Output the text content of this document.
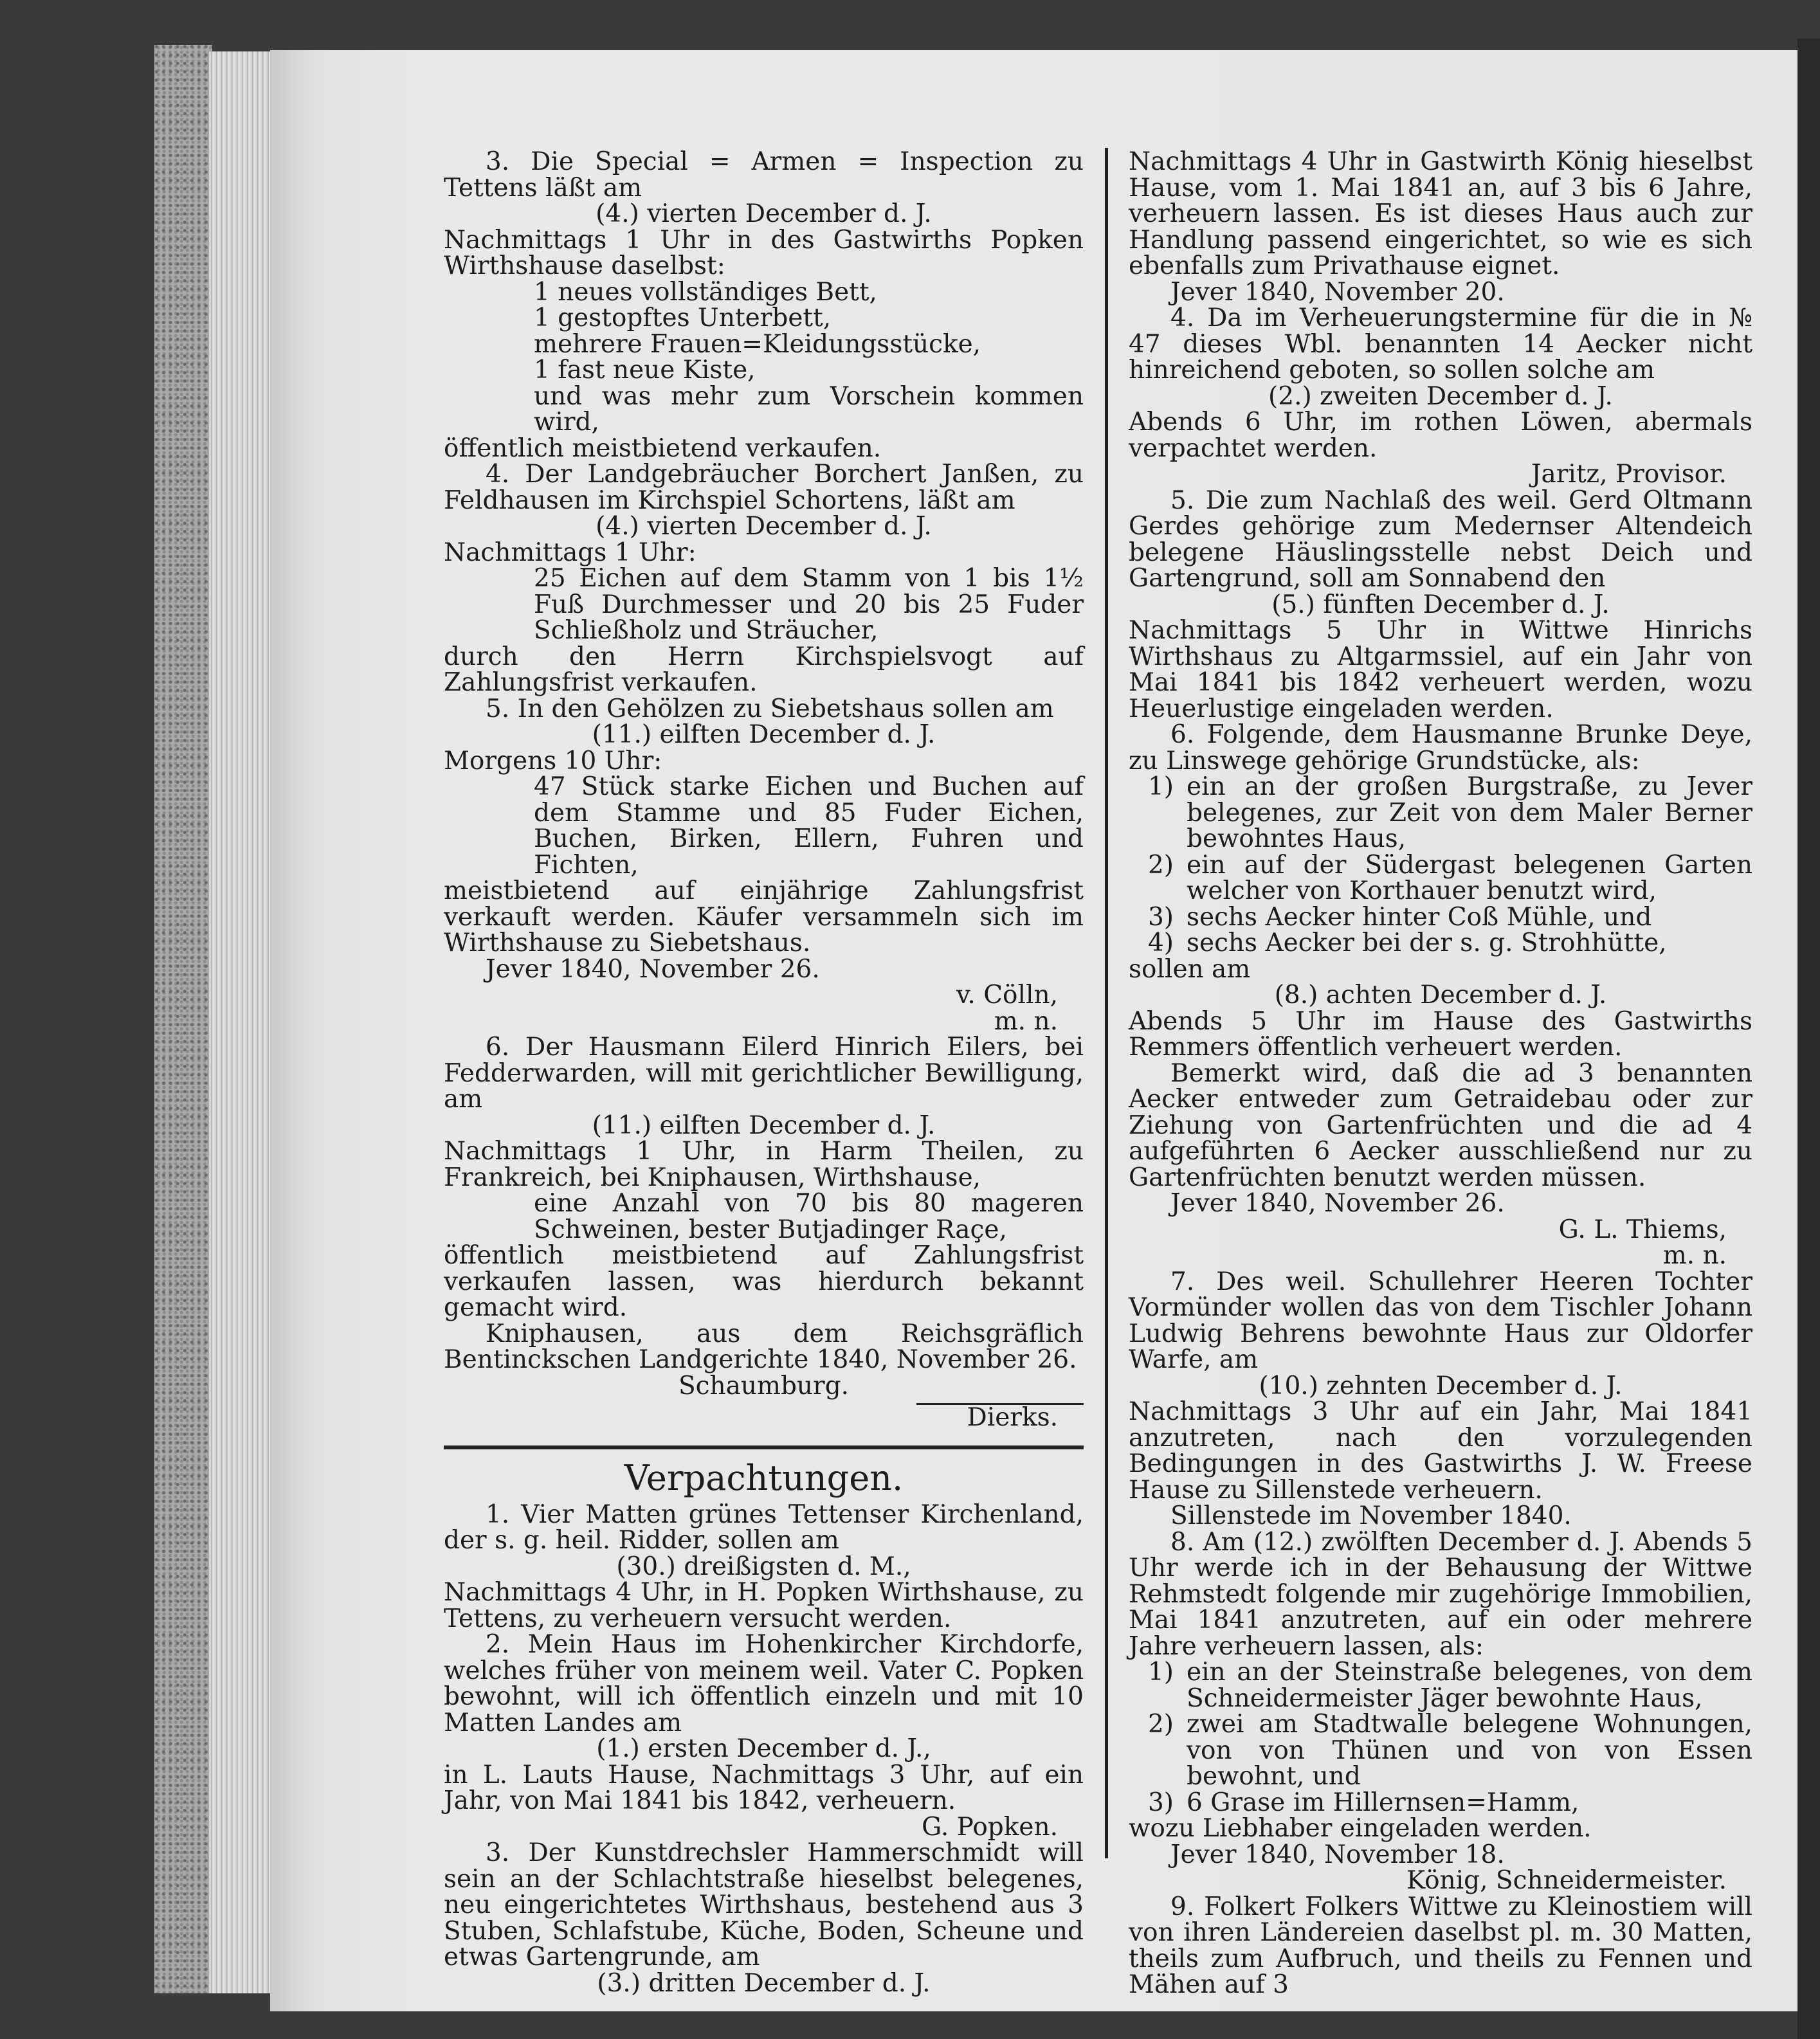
3. Die Special = Armen = Inspection zu Tettens läßt am

(4.) vierten December d. J.

Nachmittags 1 Uhr in des Gastwirths Popken Wirthshause daselbst:

1 neues vollständiges Bett,

1 gestopftes Unterbett,

mehrere Frauen=Kleidungsstücke,

1 fast neue Kiste,

und was mehr zum Vorschein kommen wird,

öffentlich meistbietend verkaufen.

4. Der Landgebräucher Borchert Janßen, zu Feldhausen im Kirchspiel Schortens, läßt am

(4.) vierten December d. J.

Nachmittags 1 Uhr:

25 Eichen auf dem Stamm von 1 bis 1½ Fuß Durchmesser und 20 bis 25 Fuder Schließholz und Sträucher,

durch den Herrn Kirchspielsvogt auf Zahlungsfrist verkaufen.

5. In den Gehölzen zu Siebetshaus sollen am

(11.) eilften December d. J.

Morgens 10 Uhr:

47 Stück starke Eichen und Buchen auf dem Stamme und 85 Fuder Eichen, Buchen, Birken, Ellern, Fuhren und Fichten,

meistbietend auf einjährige Zahlungsfrist verkauft werden. Käufer versammeln sich im Wirthshause zu Siebetshaus.

Jever 1840, November 26.

v. Cölln,

m. n.

6. Der Hausmann Eilerd Hinrich Eilers, bei Fedderwarden, will mit gerichtlicher Bewilligung, am

(11.) eilften December d. J.

Nachmittags 1 Uhr, in Harm Theilen, zu Frankreich, bei Kniphausen, Wirthshause,

eine Anzahl von 70 bis 80 mageren Schweinen, bester Butjadinger Raçe,

öffentlich meistbietend auf Zahlungsfrist verkaufen lassen, was hierdurch bekannt gemacht wird.

Kniphausen, aus dem Reichsgräflich Bentinckschen Landgerichte 1840, November 26.

Schaumburg.

Dierks.

Verpachtungen.

1. Vier Matten grünes Tettenser Kirchenland, der s. g. heil. Ridder, sollen am

(30.) dreißigsten d. M.,

Nachmittags 4 Uhr, in H. Popken Wirthshause, zu Tettens, zu verheuern versucht werden.

2. Mein Haus im Hohenkircher Kirchdorfe, welches früher von meinem weil. Vater C. Popken bewohnt, will ich öffentlich einzeln und mit 10 Matten Landes am

(1.) ersten December d. J.,

in L. Lauts Hause, Nachmittags 3 Uhr, auf ein Jahr, von Mai 1841 bis 1842, verheuern.

G. Popken.

3. Der Kunstdrechsler Hammerschmidt will sein an der Schlachtstraße hieselbst belegenes, neu eingerichtetes Wirthshaus, bestehend aus 3 Stuben, Schlafstube, Küche, Boden, Scheune und etwas Gartengrunde, am

(3.) dritten December d. J.

Nachmittags 4 Uhr in Gastwirth König hieselbst Hause, vom 1. Mai 1841 an, auf 3 bis 6 Jahre, verheuern lassen. Es ist dieses Haus auch zur Handlung passend eingerichtet, so wie es sich ebenfalls zum Privathause eignet.

Jever 1840, November 20.

4. Da im Verheuerungstermine für die in № 47 dieses Wbl. benannten 14 Aecker nicht hinreichend geboten, so sollen solche am

(2.) zweiten December d. J.

Abends 6 Uhr, im rothen Löwen, abermals verpachtet werden.

Jaritz, Provisor.

5. Die zum Nachlaß des weil. Gerd Oltmann Gerdes gehörige zum Medernser Altendeich belegene Häuslingsstelle nebst Deich und Gartengrund, soll am Sonnabend den

(5.) fünften December d. J.

Nachmittags 5 Uhr in Wittwe Hinrichs Wirthshaus zu Altgarmssiel, auf ein Jahr von Mai 1841 bis 1842 verheuert werden, wozu Heuerlustige eingeladen werden.

6. Folgende, dem Hausmanne Brunke Deye, zu Linswege gehörige Grundstücke, als:

1) ein an der großen Burgstraße, zu Jever belegenes, zur Zeit von dem Maler Berner bewohntes Haus,
2) ein auf der Südergast belegenen Garten welcher von Korthauer benutzt wird,
3) sechs Aecker hinter Coß Mühle, und
4) sechs Aecker bei der s. g. Strohhütte,

sollen am

(8.) achten December d. J.

Abends 5 Uhr im Hause des Gastwirths Remmers öffentlich verheuert werden.

Bemerkt wird, daß die ad 3 benannten Aecker entweder zum Getraidebau oder zur Ziehung von Gartenfrüchten und die ad 4 aufgeführten 6 Aecker ausschließend nur zu Gartenfrüchten benutzt werden müssen.

Jever 1840, November 26.

G. L. Thiems,

m. n.

7. Des weil. Schullehrer Heeren Tochter Vormünder wollen das von dem Tischler Johann Ludwig Behrens bewohnte Haus zur Oldorfer Warfe, am

(10.) zehnten December d. J.

Nachmittags 3 Uhr auf ein Jahr, Mai 1841 anzutreten, nach den vorzulegenden Bedingungen in des Gastwirths J. W. Freese Hause zu Sillenstede verheuern.

Sillenstede im November 1840.

8. Am (12.) zwölften December d. J. Abends 5 Uhr werde ich in der Behausung der Wittwe Rehmstedt folgende mir zugehörige Immobilien, Mai 1841 anzutreten, auf ein oder mehrere Jahre verheuern lassen, als:

1) ein an der Steinstraße belegenes, von dem Schneidermeister Jäger bewohnte Haus,
2) zwei am Stadtwalle belegene Wohnungen, von von Thünen und von von Essen bewohnt, und
3) 6 Grase im Hillernsen=Hamm,

wozu Liebhaber eingeladen werden.

Jever 1840, November 18.

König, Schneidermeister.

9. Folkert Folkers Wittwe zu Kleinostiem will von ihren Ländereien daselbst pl. m. 30 Matten, theils zum Aufbruch, und theils zu Fennen und Mähen auf 3
